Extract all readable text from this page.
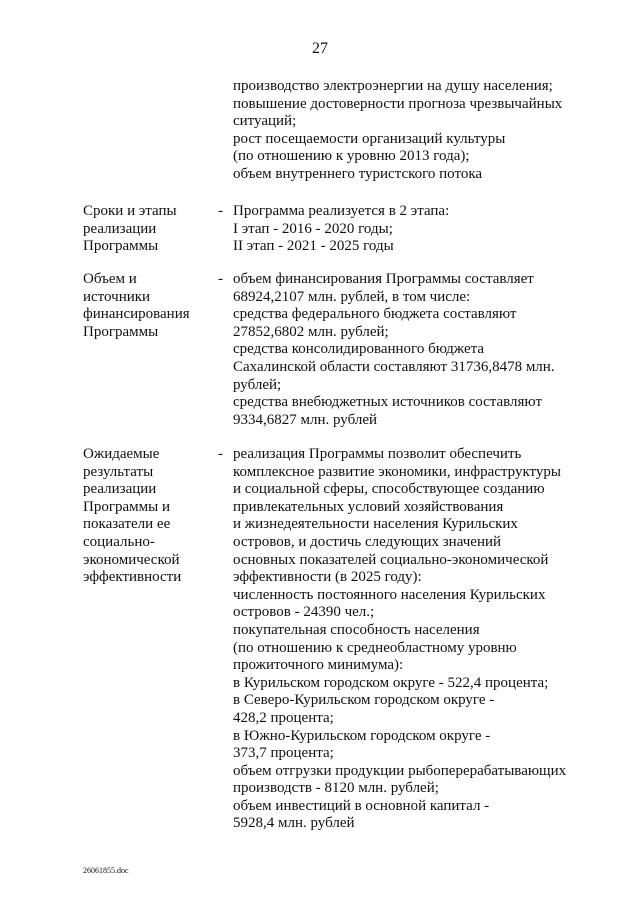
27
производство электроэнергии на душу населения;
повышение достоверности прогноза чрезвычайных
ситуаций;
рост посещаемости организаций культуры
(по отношению к уровню 2013 года);
объем внутреннего туристского потока
Сроки и этапы
реализации
Программы
- Программа реализуется в 2 этапа:
I этап - 2016 - 2020 годы;
II этап - 2021 - 2025 годы
Объем и
источники
финансирования
Программы
- объем финансирования Программы составляет
68924,2107 млн. рублей, в том числе:
средства федерального бюджета составляют
27852,6802 млн. рублей;
средства консолидированного бюджета
Сахалинской области составляют 31736,8478 млн.
рублей;
средства внебюджетных источников составляют
9334,6827 млн. рублей
Ожидаемые
результаты
реализации
Программы и
показатели ее
социально-
экономической
эффективности
- реализация Программы позволит обеспечить
комплексное развитие экономики, инфраструктуры
и социальной сферы, способствующее созданию
привлекательных условий хозяйствования
и жизнедеятельности населения Курильских
островов, и достичь следующих значений
основных показателей социально-экономической
эффективности (в 2025 году):
численность постоянного населения Курильских
островов - 24390 чел.;
покупательная способность населения
(по отношению к среднеобластному уровню
прожиточного минимума):
в Курильском городском округе - 522,4 процента;
в Северо-Курильском городском округе -
428,2 процента;
в Южно-Курильском городском округе -
373,7 процента;
объем отгрузки продукции рыбоперерабатывающих
производств - 8120 млн. рублей;
объем инвестиций в основной капитал -
5928,4 млн. рублей
26061855.doc
